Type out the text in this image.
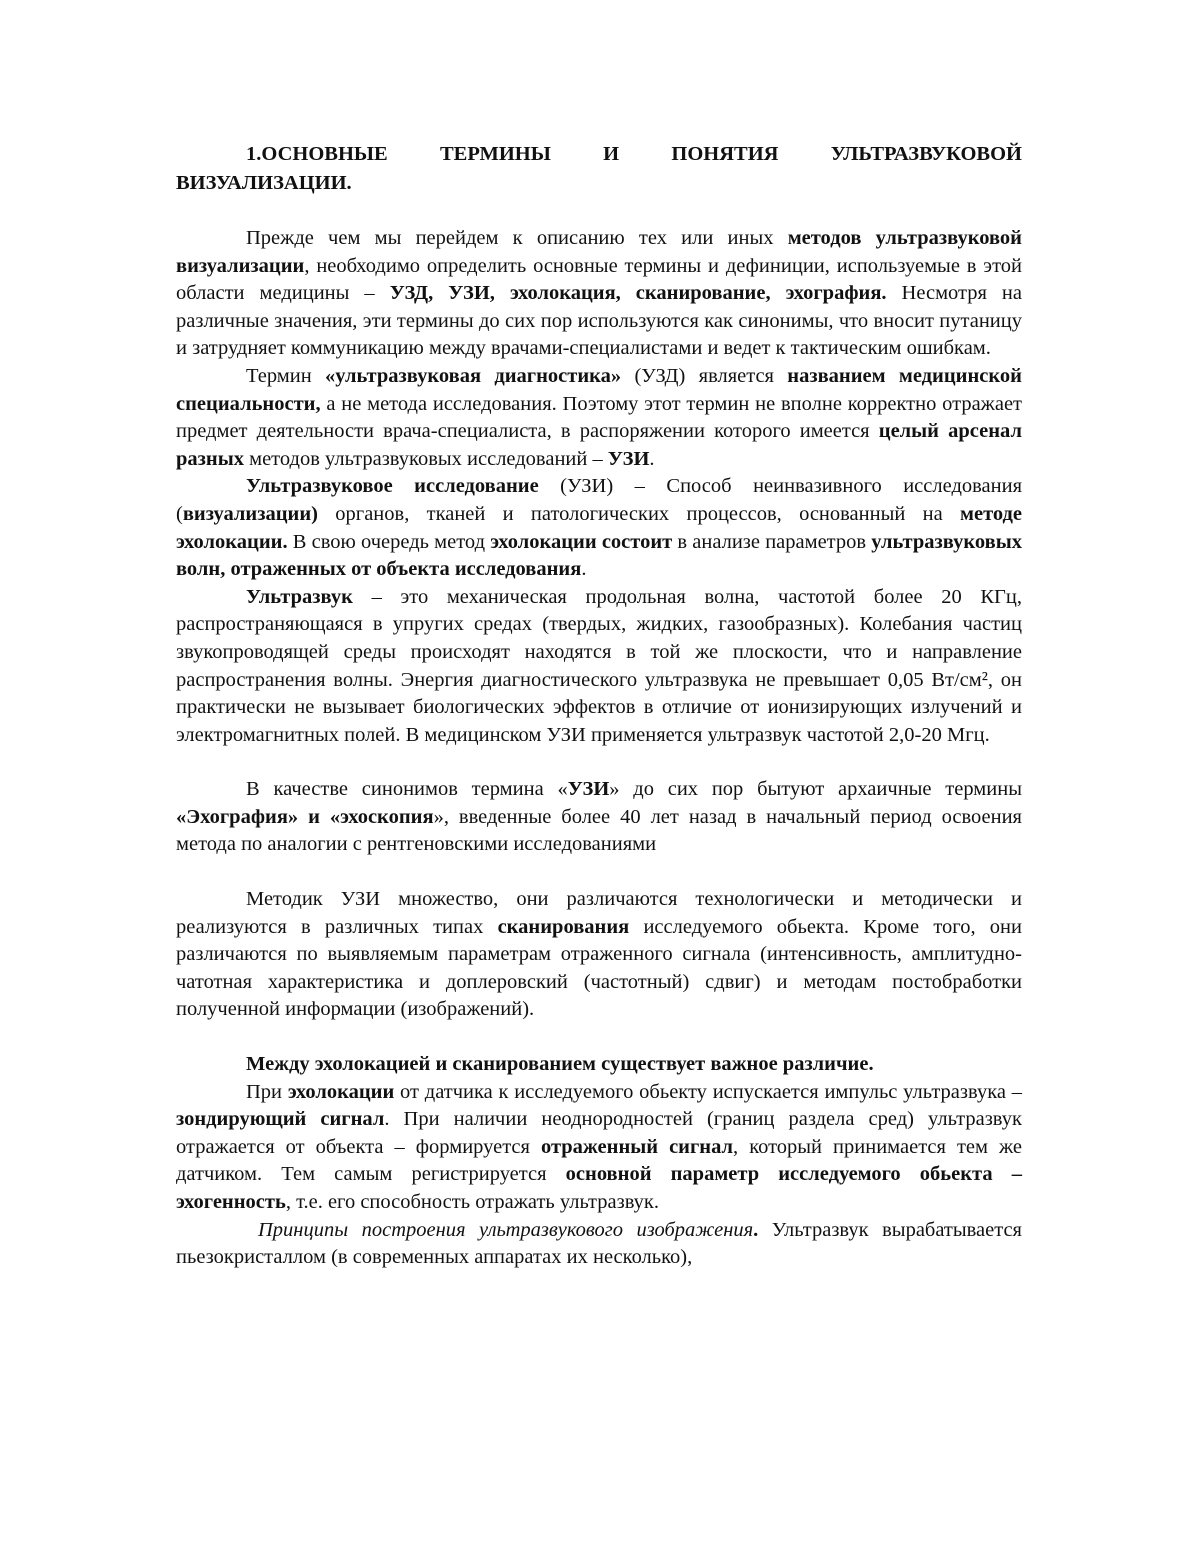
1.ОСНОВНЫЕ ТЕРМИНЫ И ПОНЯТИЯ УЛЬТРАЗВУКОВОЙ ВИЗУАЛИЗАЦИИ.

Прежде чем мы перейдем к описанию тех или иных методов ультразвуковой визуализации, необходимо определить основные термины и дефиниции, используемые в этой области медицины – УЗД, УЗИ, эхолокация, сканирование, эхография. Несмотря на различные значения, эти термины до сих пор используются как синонимы, что вносит путаницу и затрудняет коммуникацию между врачами-специалистами и ведет к тактическим ошибкам.

Термин «ультразвуковая диагностика» (УЗД) является названием медицинской специальности, а не метода исследования. Поэтому этот термин не вполне корректно отражает предмет деятельности врача-специалиста, в распоряжении которого имеется целый арсенал разных методов ультразвуковых исследований – УЗИ.

Ультразвуковое исследование (УЗИ) – Способ неинвазивного исследования (визуализации) органов, тканей и патологических процессов, основанный на методе эхолокации. В свою очередь метод эхолокации состоит в анализе параметров ультразвуковых волн, отраженных от объекта исследования.

Ультразвук – это механическая продольная волна, частотой более 20 КГц, распространяющаяся в упругих средах (твердых, жидких, газообразных). Колебания частиц звукопроводящей среды происходят находятся в той же плоскости, что и направление распространения волны. Энергия диагностического ультразвука не превышает 0,05 Вт/см², он практически не вызывает биологических эффектов в отличие от ионизирующих излучений и электромагнитных полей. В медицинском УЗИ применяется ультразвук частотой 2,0-20 Мгц.

В качестве синонимов термина «УЗИ» до сих пор бытуют архаичные термины «Эхография» и «эхоскопия», введенные более 40 лет назад в начальный период освоения метода по аналогии с рентгеновскими исследованиями

Методик УЗИ множество, они различаются технологически и методически и реализуются в различных типах сканирования исследуемого обьекта. Кроме того, они различаются по выявляемым параметрам отраженного сигнала (интенсивность, амплитудно-чатотная характеристика и доплеровский (частотный) сдвиг) и методам постобработки полученной информации (изображений).

Между эхолокацией и сканированием существует важное различие.

При эхолокации от датчика к исследуемого обьекту испускается импульс ультразвука – зондирующий сигнал. При наличии неоднородностей (границ раздела сред) ультразвук отражается от объекта – формируется отраженный сигнал, который принимается тем же датчиком. Тем самым регистрируется основной параметр исследуемого обьекта – эхогенность, т.е. его способность отражать ультразвук.

Принципы построения ультразвукового изображения. Ультразвук вырабатывается пьезокристаллом (в современных аппаратах их несколько),
